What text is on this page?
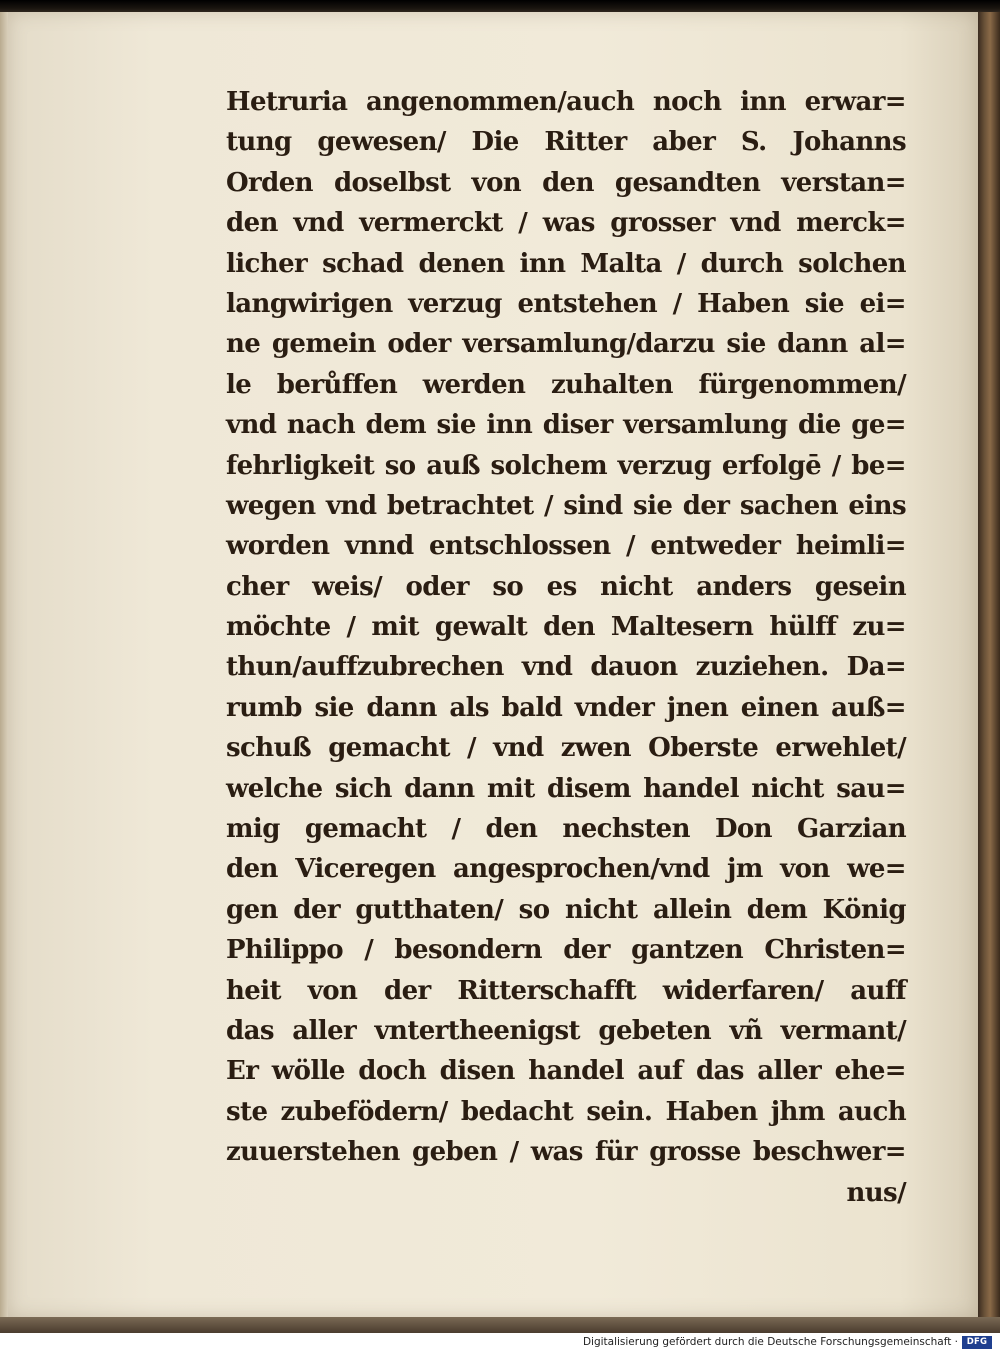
Hetruria angenommen/auch noch inn erwar=
tung gewesen/ Die Ritter aber S. Johanns
Orden doselbst von den gesandten verstan=
den vnd vermerckt / was grosser vnd merck=
licher schad denen inn Malta / durch solchen
langwirigen verzug entstehen / Haben sie ei=
ne gemein oder versamlung/darzu sie dann al=
le berůffen werden zuhalten fürgenommen/
vnd nach dem sie inn diser versamlung die ge=
fehrligkeit so auß solchem verzug erfolgē / be=
wegen vnd betrachtet / sind sie der sachen eins
worden vnnd entschlossen / entweder heimli=
cher weis/ oder so es nicht anders gesein
möchte / mit gewalt den Maltesern hülff zu=
thun/auffzubrechen vnd dauon zuziehen. Da=
rumb sie dann als bald vnder jnen einen auß=
schuß gemacht / vnd zwen Oberste erwehlet/
welche sich dann mit disem handel nicht sau=
mig gemacht / den nechsten Don Garzian
den Viceregen angesprochen/vnd jm von we=
gen der gutthaten/ so nicht allein dem König
Philippo / besondern der gantzen Christen=
heit von der Ritterschafft widerfaren/ auff
das aller vntertheenigst gebeten vñ vermant/
Er wölle doch disen handel auf das aller ehe=
ste zubefödern/ bedacht sein. Haben jhm auch
zuuerstehen geben / was für grosse beschwer=
nus/
Digitalisierung gefördert durch die Deutsche Forschungsgemeinschaft ·	DFG
